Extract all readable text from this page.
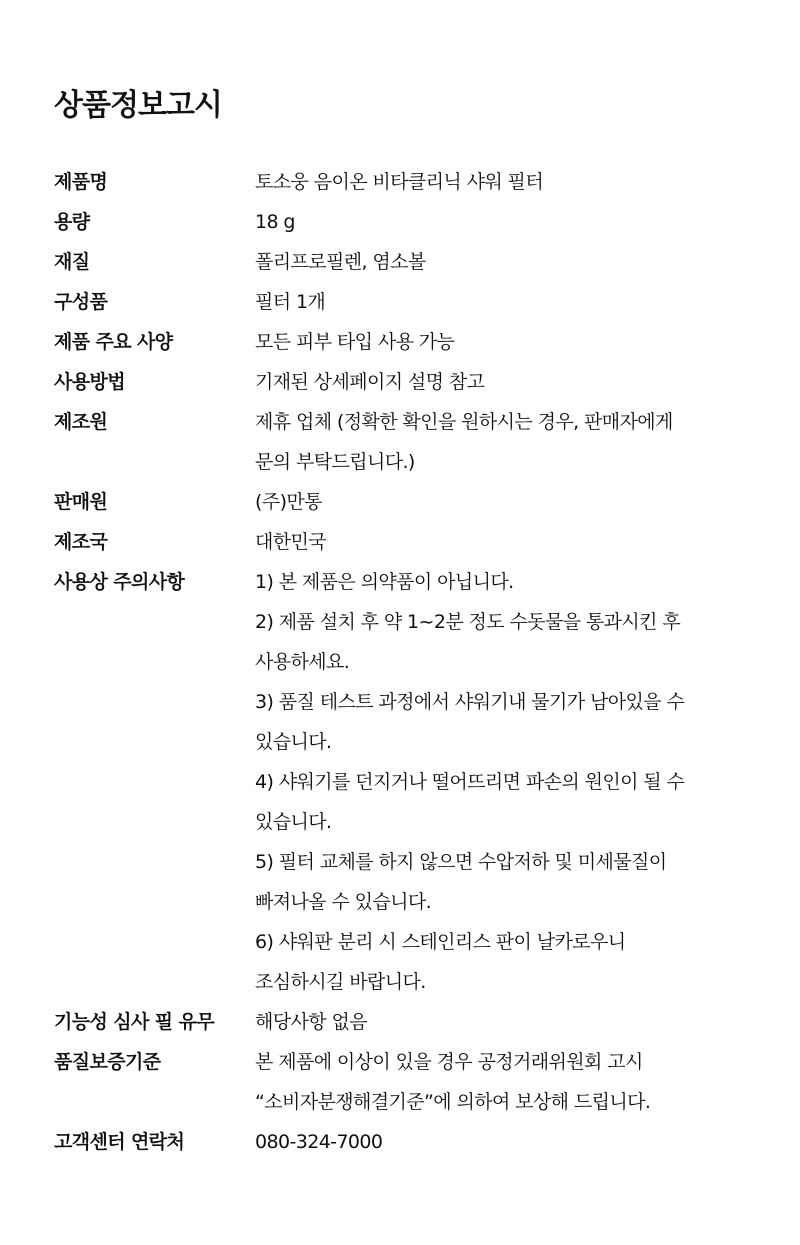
상품정보고시
제품명	토소웅 음이온 비타클리닉 샤워 필터
용량	18 g
재질	폴리프로필렌, 염소볼
구성품	필터 1개
제품 주요 사양	모든 피부 타입 사용 가능
사용방법	기재된 상세페이지 설명 참고
제조원	제휴 업체 (정확한 확인을 원하시는 경우, 판매자에게
문의 부탁드립니다.)
판매원	(주)만통
제조국	대한민국
사용상 주의사항	1) 본 제품은 의약품이 아닙니다.
2) 제품 설치 후 약 1~2분 정도 수돗물을 통과시킨 후
사용하세요.
3) 품질 테스트 과정에서 샤워기내 물기가 남아있을 수
있습니다.
4) 샤워기를 던지거나 떨어뜨리면 파손의 원인이 될 수
있습니다.
5) 필터 교체를 하지 않으면 수압저하 및 미세물질이
빠져나올 수 있습니다.
6) 샤워판 분리 시 스테인리스 판이 날카로우니
조심하시길 바랍니다.
기능성 심사 필 유무	해당사항 없음
품질보증기준	본 제품에 이상이 있을 경우 공정거래위원회 고시
“소비자분쟁해결기준”에 의하여 보상해 드립니다.
고객센터 연락처	080-324-7000
